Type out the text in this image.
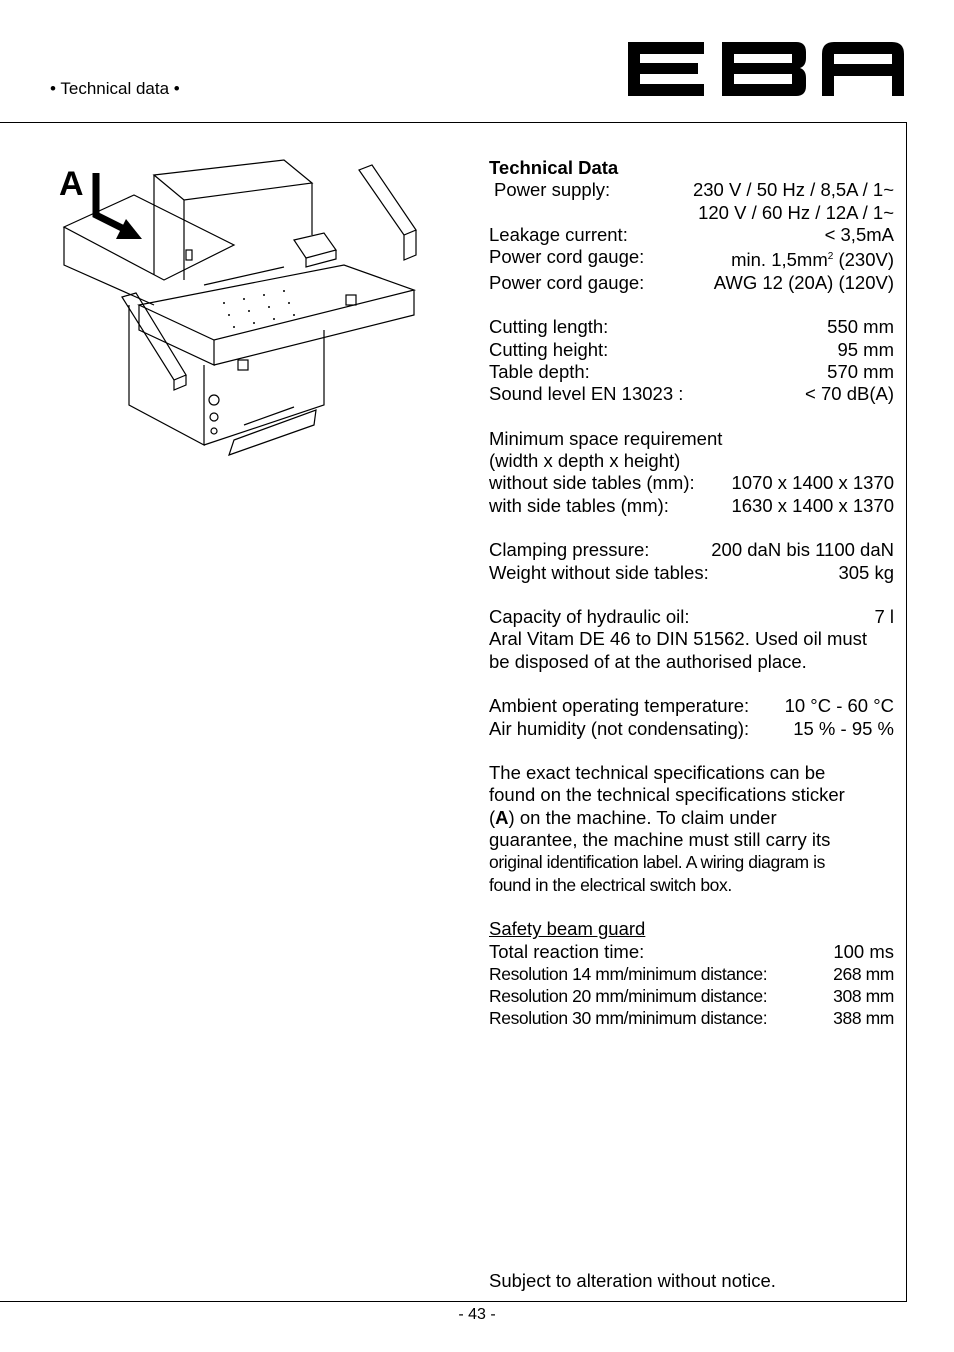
• Technical data •
A	Technical Data
Power supply:	230 V / 50 Hz / 8,5A / 1~
120 V / 60 Hz / 12A / 1~
Leakage current:	< 3,5mA
Power cord gauge:	min. $1,5mm^2$ (230V)
Power cord gauge:	AWG 12 (20A) (120V)
Cutting length:	550 mm
Cutting height:	95 mm
Table depth:	570 mm
Sound level EN 13023 :	< 70 dB(A)
Minimum space requirement
(width x depth x height)
without side tables (mm): 1070 x 1400 x 1370
with side tables (mm):	1630 x 1400 x 1370
Clamping pressure:	200 daN bis 1100 daN
Weight without side tables:	305 kg
Capacity of hydraulic oil:	7 l
Aral Vitam DE 46 to DIN 51562. Used oil must
be disposed of at the authorised place.
Ambient operating temperature: 10 °C - 60 °C
Air humidity (not condensating): 15 % - 95 %
The exact technical specifications can be
found on the technical specifications sticker
(A) on the machine. To claim under
guarantee, the machine must still carry its
original identification label. A wiring diagram is
found in the electrical switch box.
Safety beam guard
Total reaction time:	100 ms
Resolution 14 mm/minimum distance:	268 mm
Resolution 20 mm/minimum distance:	308 mm
Resolution 30 mm/minimum distance:	388 mm
Subject to alteration without notice.
- 43 -
